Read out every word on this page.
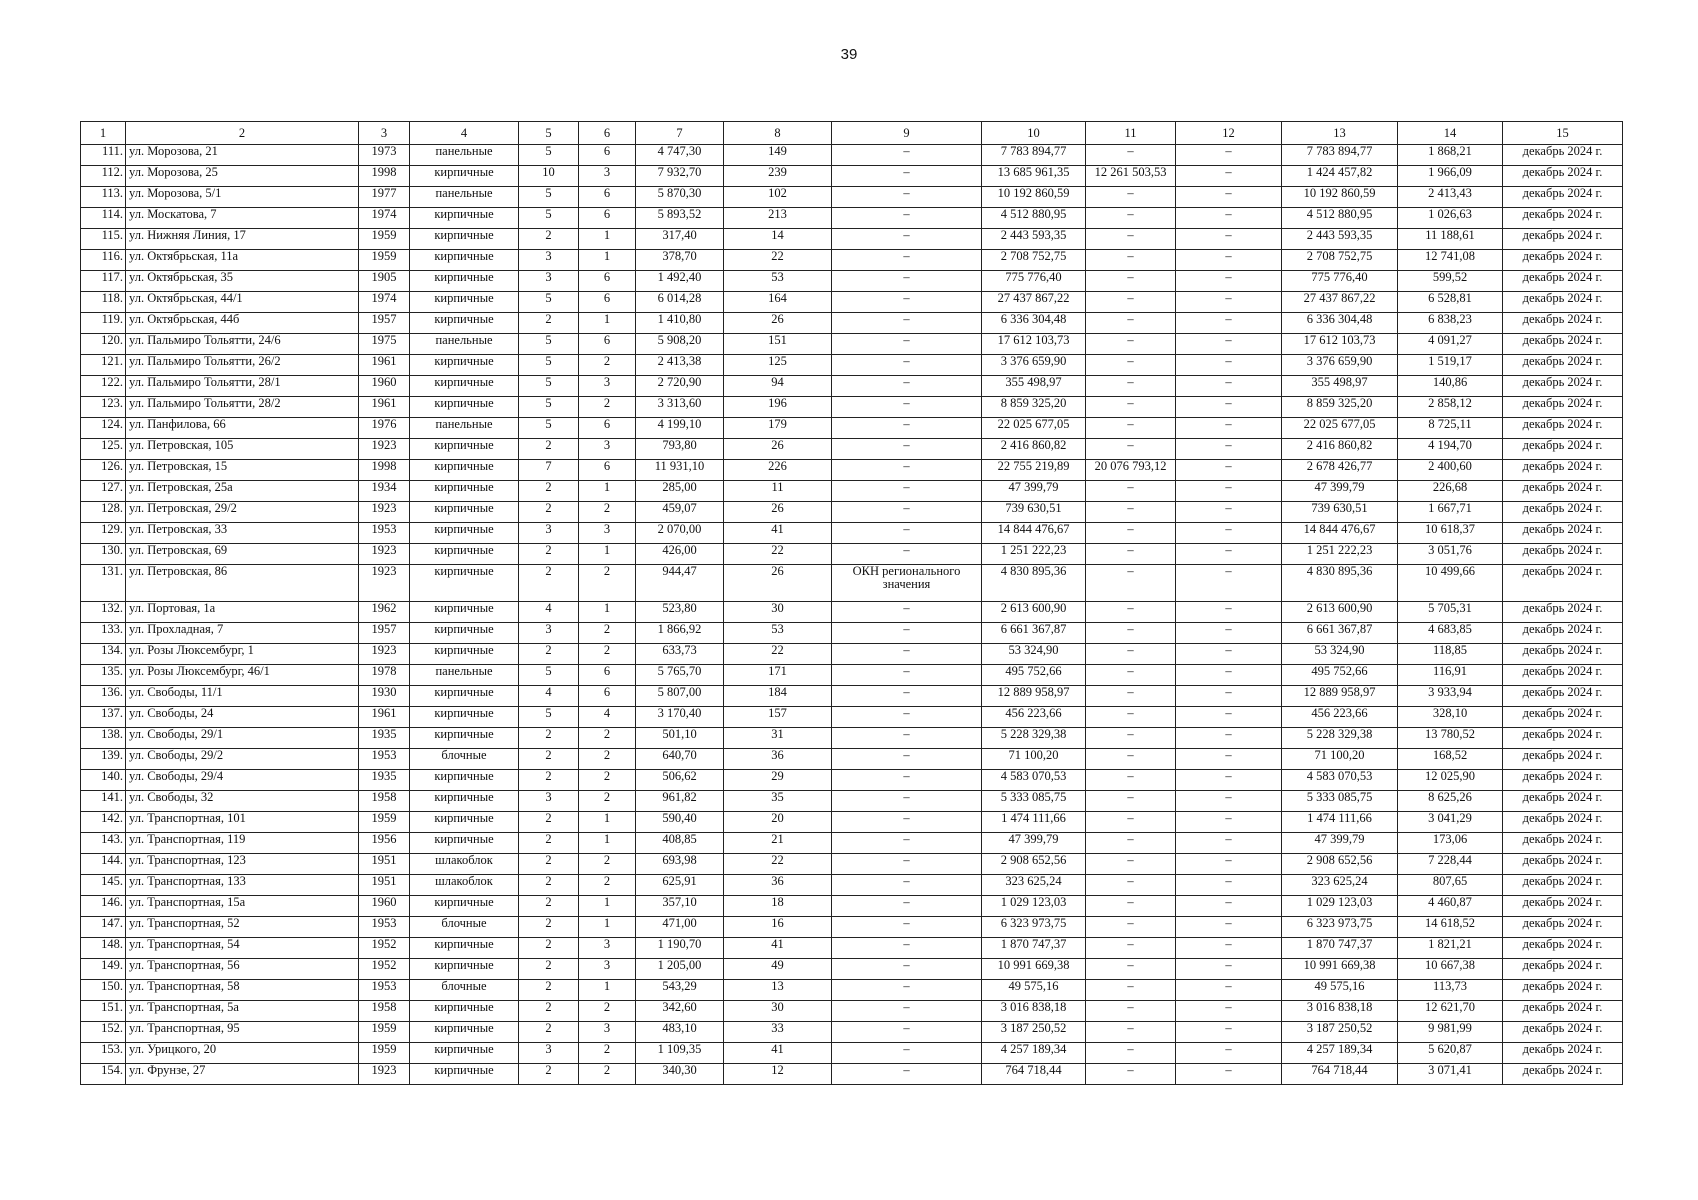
39
1	2	3	4	5	6	7	8	9	10	11	12	13	14	15
111.	ул. Морозова, 21	1973	панельные	5	6	4 747,30	149	–	7 783 894,77	–	–	7 783 894,77	1 868,21	декабрь 2024 г.
112.	ул. Морозова, 25	1998	кирпичные	10	3	7 932,70	239	–	13 685 961,35	12 261 503,53	–	1 424 457,82	1 966,09	декабрь 2024 г.
113.	ул. Морозова, 5/1	1977	панельные	5	6	5 870,30	102	–	10 192 860,59	–	–	10 192 860,59	2 413,43	декабрь 2024 г.
114.	ул. Москатова, 7	1974	кирпичные	5	6	5 893,52	213	–	4 512 880,95	–	–	4 512 880,95	1 026,63	декабрь 2024 г.
115.	ул. Нижняя Линия, 17	1959	кирпичные	2	1	317,40	14	–	2 443 593,35	–	–	2 443 593,35	11 188,61	декабрь 2024 г.
116.	ул. Октябрьская, 11а	1959	кирпичные	3	1	378,70	22	–	2 708 752,75	–	–	2 708 752,75	12 741,08	декабрь 2024 г.
117.	ул. Октябрьская, 35	1905	кирпичные	3	6	1 492,40	53	–	775 776,40	–	–	775 776,40	599,52	декабрь 2024 г.
118.	ул. Октябрьская, 44/1	1974	кирпичные	5	6	6 014,28	164	–	27 437 867,22	–	–	27 437 867,22	6 528,81	декабрь 2024 г.
119.	ул. Октябрьская, 44б	1957	кирпичные	2	1	1 410,80	26	–	6 336 304,48	–	–	6 336 304,48	6 838,23	декабрь 2024 г.
120.	ул. Пальмиро Тольятти, 24/6	1975	панельные	5	6	5 908,20	151	–	17 612 103,73	–	–	17 612 103,73	4 091,27	декабрь 2024 г.
121.	ул. Пальмиро Тольятти, 26/2	1961	кирпичные	5	2	2 413,38	125	–	3 376 659,90	–	–	3 376 659,90	1 519,17	декабрь 2024 г.
122.	ул. Пальмиро Тольятти, 28/1	1960	кирпичные	5	3	2 720,90	94	–	355 498,97	–	–	355 498,97	140,86	декабрь 2024 г.
123.	ул. Пальмиро Тольятти, 28/2	1961	кирпичные	5	2	3 313,60	196	–	8 859 325,20	–	–	8 859 325,20	2 858,12	декабрь 2024 г.
124.	ул. Панфилова, 66	1976	панельные	5	6	4 199,10	179	–	22 025 677,05	–	–	22 025 677,05	8 725,11	декабрь 2024 г.
125.	ул. Петровская, 105	1923	кирпичные	2	3	793,80	26	–	2 416 860,82	–	–	2 416 860,82	4 194,70	декабрь 2024 г.
126.	ул. Петровская, 15	1998	кирпичные	7	6	11 931,10	226	–	22 755 219,89	20 076 793,12	–	2 678 426,77	2 400,60	декабрь 2024 г.
127.	ул. Петровская, 25а	1934	кирпичные	2	1	285,00	11	–	47 399,79	–	–	47 399,79	226,68	декабрь 2024 г.
128.	ул. Петровская, 29/2	1923	кирпичные	2	2	459,07	26	–	739 630,51	–	–	739 630,51	1 667,71	декабрь 2024 г.
129.	ул. Петровская, 33	1953	кирпичные	3	3	2 070,00	41	–	14 844 476,67	–	–	14 844 476,67	10 618,37	декабрь 2024 г.
130.	ул. Петровская, 69	1923	кирпичные	2	1	426,00	22	–	1 251 222,23	–	–	1 251 222,23	3 051,76	декабрь 2024 г.
131.	ул. Петровская, 86	1923	кирпичные	2	2	944,47	26	ОКН регионального значения	4 830 895,36	–	–	4 830 895,36	10 499,66	декабрь 2024 г.
132.	ул. Портовая, 1а	1962	кирпичные	4	1	523,80	30	–	2 613 600,90	–	–	2 613 600,90	5 705,31	декабрь 2024 г.
133.	ул. Прохладная, 7	1957	кирпичные	3	2	1 866,92	53	–	6 661 367,87	–	–	6 661 367,87	4 683,85	декабрь 2024 г.
134.	ул. Розы Люксембург, 1	1923	кирпичные	2	2	633,73	22	–	53 324,90	–	–	53 324,90	118,85	декабрь 2024 г.
135.	ул. Розы Люксембург, 46/1	1978	панельные	5	6	5 765,70	171	–	495 752,66	–	–	495 752,66	116,91	декабрь 2024 г.
136.	ул. Свободы, 11/1	1930	кирпичные	4	6	5 807,00	184	–	12 889 958,97	–	–	12 889 958,97	3 933,94	декабрь 2024 г.
137.	ул. Свободы, 24	1961	кирпичные	5	4	3 170,40	157	–	456 223,66	–	–	456 223,66	328,10	декабрь 2024 г.
138.	ул. Свободы, 29/1	1935	кирпичные	2	2	501,10	31	–	5 228 329,38	–	–	5 228 329,38	13 780,52	декабрь 2024 г.
139.	ул. Свободы, 29/2	1953	блочные	2	2	640,70	36	–	71 100,20	–	–	71 100,20	168,52	декабрь 2024 г.
140.	ул. Свободы, 29/4	1935	кирпичные	2	2	506,62	29	–	4 583 070,53	–	–	4 583 070,53	12 025,90	декабрь 2024 г.
141.	ул. Свободы, 32	1958	кирпичные	3	2	961,82	35	–	5 333 085,75	–	–	5 333 085,75	8 625,26	декабрь 2024 г.
142.	ул. Транспортная, 101	1959	кирпичные	2	1	590,40	20	–	1 474 111,66	–	–	1 474 111,66	3 041,29	декабрь 2024 г.
143.	ул. Транспортная, 119	1956	кирпичные	2	1	408,85	21	–	47 399,79	–	–	47 399,79	173,06	декабрь 2024 г.
144.	ул. Транспортная, 123	1951	шлакоблок	2	2	693,98	22	–	2 908 652,56	–	–	2 908 652,56	7 228,44	декабрь 2024 г.
145.	ул. Транспортная, 133	1951	шлакоблок	2	2	625,91	36	–	323 625,24	–	–	323 625,24	807,65	декабрь 2024 г.
146.	ул. Транспортная, 15а	1960	кирпичные	2	1	357,10	18	–	1 029 123,03	–	–	1 029 123,03	4 460,87	декабрь 2024 г.
147.	ул. Транспортная, 52	1953	блочные	2	1	471,00	16	–	6 323 973,75	–	–	6 323 973,75	14 618,52	декабрь 2024 г.
148.	ул. Транспортная, 54	1952	кирпичные	2	3	1 190,70	41	–	1 870 747,37	–	–	1 870 747,37	1 821,21	декабрь 2024 г.
149.	ул. Транспортная, 56	1952	кирпичные	2	3	1 205,00	49	–	10 991 669,38	–	–	10 991 669,38	10 667,38	декабрь 2024 г.
150.	ул. Транспортная, 58	1953	блочные	2	1	543,29	13	–	49 575,16	–	–	49 575,16	113,73	декабрь 2024 г.
151.	ул. Транспортная, 5а	1958	кирпичные	2	2	342,60	30	–	3 016 838,18	–	–	3 016 838,18	12 621,70	декабрь 2024 г.
152.	ул. Транспортная, 95	1959	кирпичные	2	3	483,10	33	–	3 187 250,52	–	–	3 187 250,52	9 981,99	декабрь 2024 г.
153.	ул. Урицкого, 20	1959	кирпичные	3	2	1 109,35	41	–	4 257 189,34	–	–	4 257 189,34	5 620,87	декабрь 2024 г.
154.	ул. Фрунзе, 27	1923	кирпичные	2	2	340,30	12	–	764 718,44	–	–	764 718,44	3 071,41	декабрь 2024 г.
